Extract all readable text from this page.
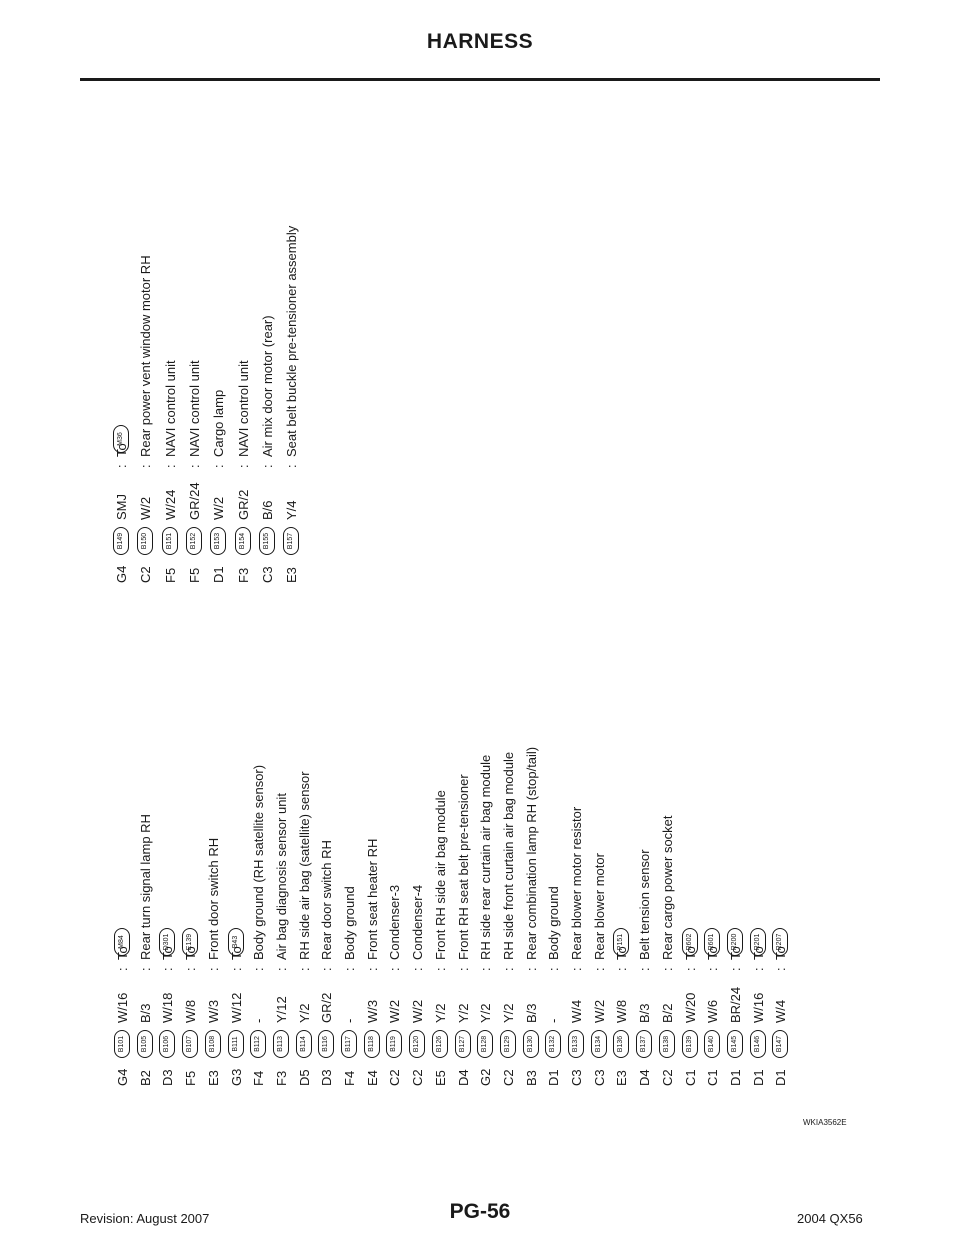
HARNESS
G4
B101
W/16
:
To
M84
B2
B105
B/3
:
Rear turn signal lamp RH
D3
B106
W/18
:
To
D301
F5
B107
W/8
:
To
E139
E3
B108
W/3
:
Front door switch RH
G3
B111
W/12
:
To
B43
F4
B112
-
:
Body ground (RH satellite sensor)
F3
B113
Y/12
:
Air bag diagnosis sensor unit
D5
B114
Y/2
:
RH side air bag (satellite) sensor
D3
B116
GR/2
:
Rear door switch RH
F4
B117
-
:
Body ground
E4
B118
W/3
:
Front seat heater RH
C2
B119
W/2
:
Condenser-3
C2
B120
W/2
:
Condenser-4
E5
B126
Y/2
:
Front RH side air bag module
D4
B127
Y/2
:
Front RH seat belt pre-tensioner
G2
B128
Y/2
:
RH side rear curtain air bag module
C2
B129
Y/2
:
RH side front curtain air bag module
B3
B130
B/3
:
Rear combination lamp RH (stop/tail)
D1
B132
-
:
Body ground
C3
B133
W/4
:
Rear blower motor resistor
C3
B134
W/2
:
Rear blower motor
E3
B136
W/8
:
To
P151
D4
B137
B/3
:
Belt tension sensor
C2
B138
B/2
:
Rear cargo power socket
C1
B139
W/20
:
To
R602
C1
B140
W/6
:
To
R601
D1
B145
BR/24
:
To
R200
D1
B146
W/16
:
To
R201
D1
B147
W/4
:
To
R207
G4
B149
SMJ
:
To
M36
C2
B150
W/2
:
Rear power vent window motor RH
F5
B151
W/24
:
NAVI control unit
F5
B152
GR/24
:
NAVI control unit
D1
B153
W/2
:
Cargo lamp
F3
B154
GR/2
:
NAVI control unit
C3
B155
B/6
:
Air mix door motor (rear)
E3
B157
Y/4
:
Seat belt buckle pre-tensioner assembly
WKIA3562E
Revision: August 2007	PG-56	2004 QX56
